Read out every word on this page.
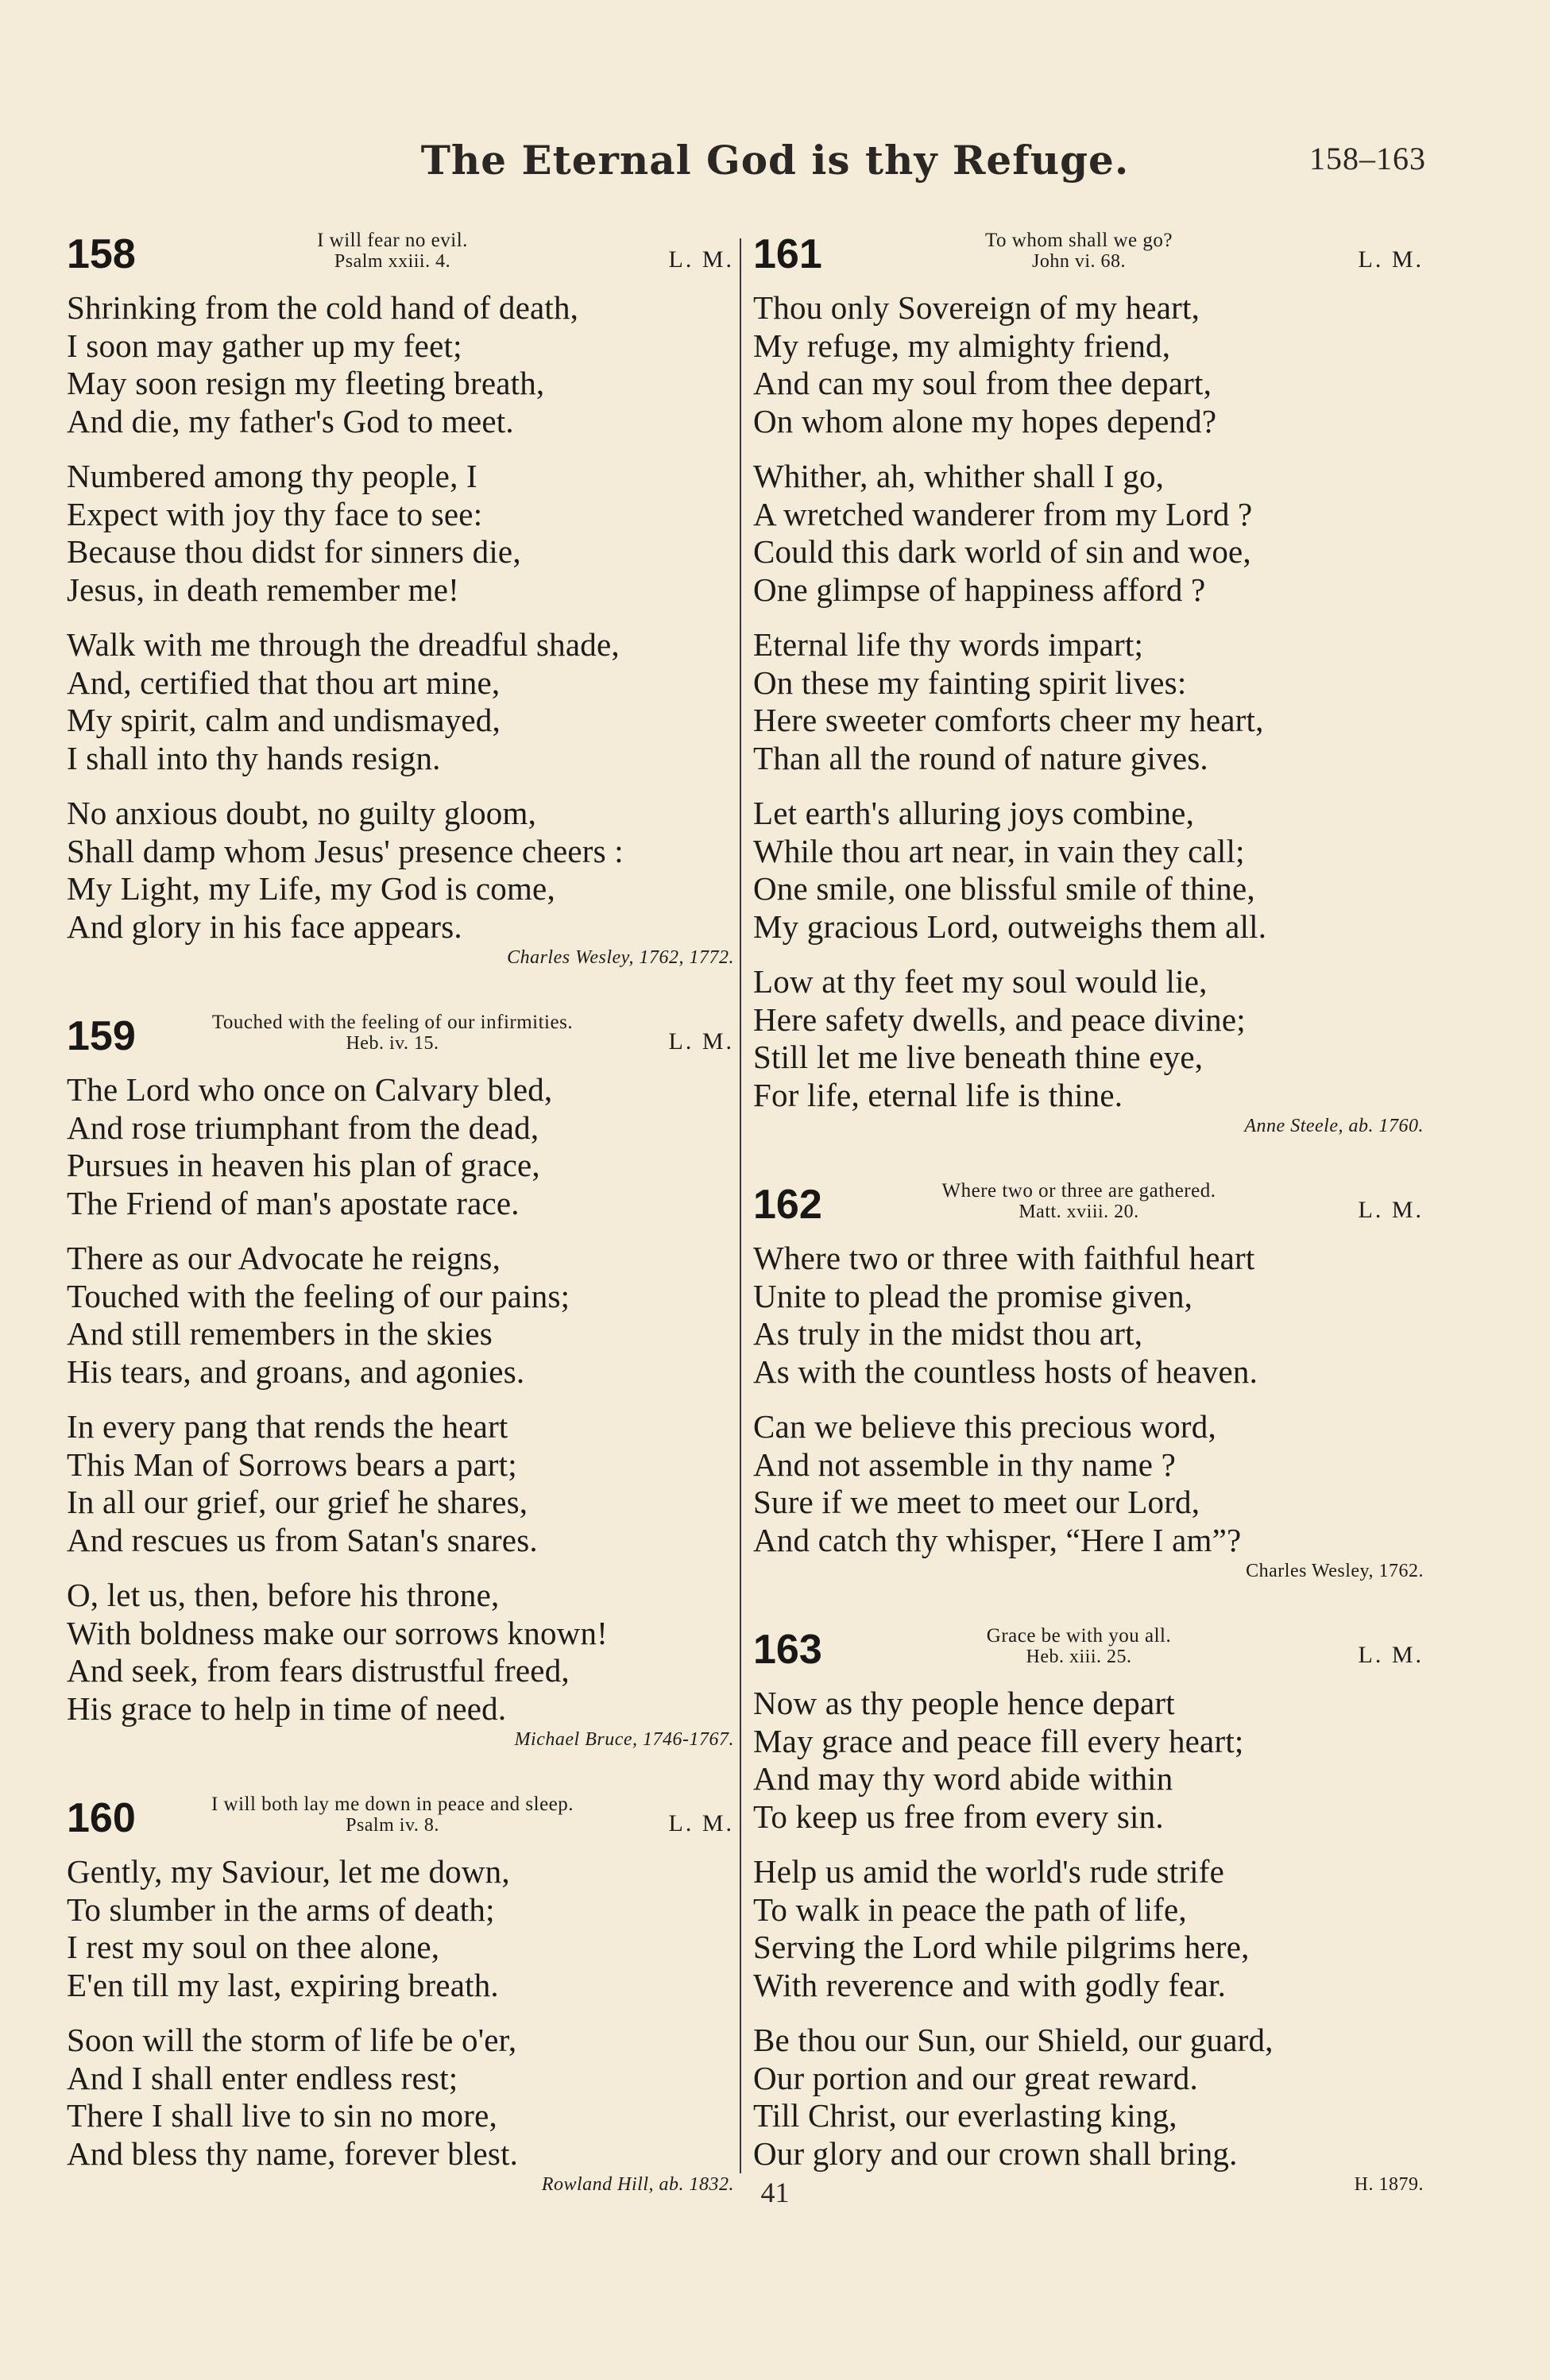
The Eternal God is thy Refuge.	158–163
158	I will fear no evil.
Psalm xxiii. 4.	L. M.
Shrinking from the cold hand of death,
I soon may gather up my feet;
May soon resign my fleeting breath,
And die, my father's God to meet.
Numbered among thy people, I
Expect with joy thy face to see:
Because thou didst for sinners die,
Jesus, in death remember me!
Walk with me through the dreadful shade,
And, certified that thou art mine,
My spirit, calm and undismayed,
I shall into thy hands resign.
No anxious doubt, no guilty gloom,
Shall damp whom Jesus' presence cheers :
My Light, my Life, my God is come,
And glory in his face appears.
Charles Wesley, 1762, 1772.
159	Touched with the feeling of our infirmities.
Heb. iv. 15.	L. M.
The Lord who once on Calvary bled,
And rose triumphant from the dead,
Pursues in heaven his plan of grace,
The Friend of man's apostate race.
There as our Advocate he reigns,
Touched with the feeling of our pains;
And still remembers in the skies
His tears, and groans, and agonies.
In every pang that rends the heart
This Man of Sorrows bears a part;
In all our grief, our grief he shares,
And rescues us from Satan's snares.
O, let us, then, before his throne,
With boldness make our sorrows known!
And seek, from fears distrustful freed,
His grace to help in time of need.
Michael Bruce, 1746-1767.
160	I will both lay me down in peace and sleep.
Psalm iv. 8.	L. M.
Gently, my Saviour, let me down,
To slumber in the arms of death;
I rest my soul on thee alone,
E'en till my last, expiring breath.
Soon will the storm of life be o'er,
And I shall enter endless rest;
There I shall live to sin no more,
And bless thy name, forever blest.
Rowland Hill, ab. 1832.
161	To whom shall we go?
John vi. 68.	L. M.
Thou only Sovereign of my heart,
My refuge, my almighty friend,
And can my soul from thee depart,
On whom alone my hopes depend?
Whither, ah, whither shall I go,
A wretched wanderer from my Lord ?
Could this dark world of sin and woe,
One glimpse of happiness afford ?
Eternal life thy words impart;
On these my fainting spirit lives:
Here sweeter comforts cheer my heart,
Than all the round of nature gives.
Let earth's alluring joys combine,
While thou art near, in vain they call;
One smile, one blissful smile of thine,
My gracious Lord, outweighs them all.
Low at thy feet my soul would lie,
Here safety dwells, and peace divine;
Still let me live beneath thine eye,
For life, eternal life is thine.
Anne Steele, ab. 1760.
162	Where two or three are gathered.
Matt. xviii. 20.	L. M.
Where two or three with faithful heart
Unite to plead the promise given,
As truly in the midst thou art,
As with the countless hosts of heaven.
Can we believe this precious word,
And not assemble in thy name ?
Sure if we meet to meet our Lord,
And catch thy whisper, “Here I am”?
Charles Wesley, 1762.
163	Grace be with you all.
Heb. xiii. 25.	L. M.
Now as thy people hence depart
May grace and peace fill every heart;
And may thy word abide within
To keep us free from every sin.
Help us amid the world's rude strife
To walk in peace the path of life,
Serving the Lord while pilgrims here,
With reverence and with godly fear.
Be thou our Sun, our Shield, our guard,
Our portion and our great reward.
Till Christ, our everlasting king,
Our glory and our crown shall bring.
H. 1879.
41
